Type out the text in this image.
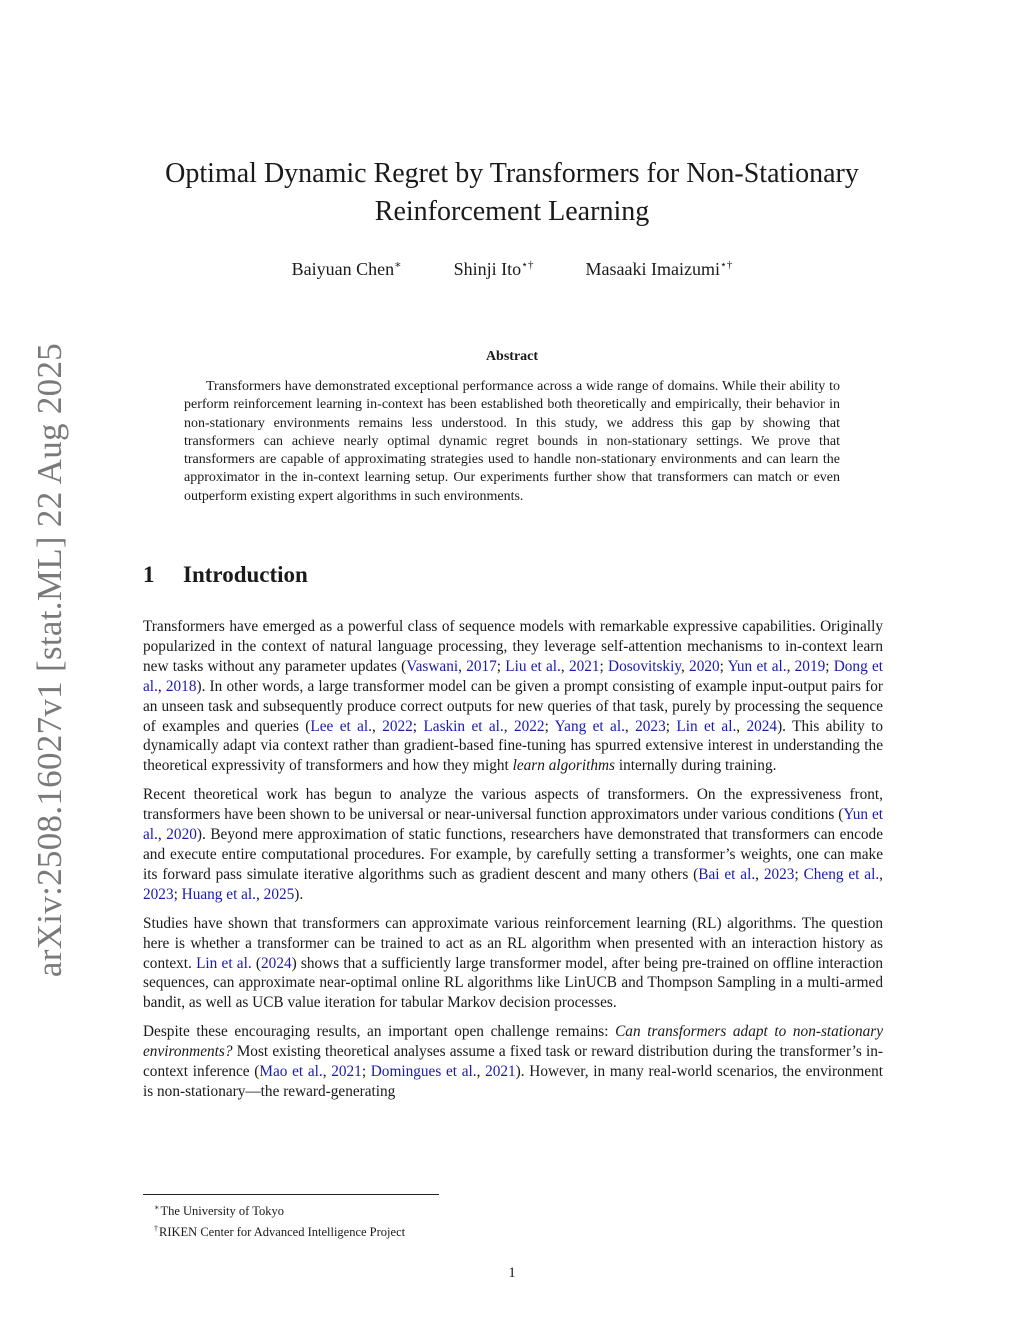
arXiv:2508.16027v1 [stat.ML] 22 Aug 2025
Optimal Dynamic Regret by Transformers for Non-Stationary Reinforcement Learning
Baiyuan Chen∗	Shinji Ito⋆†	Masaaki Imaizumi⋆†
Abstract

Transformers have demonstrated exceptional performance across a wide range of domains. While their ability to perform reinforcement learning in-context has been established both theoretically and empirically, their behavior in non-stationary environments remains less understood. In this study, we address this gap by showing that transformers can achieve nearly optimal dynamic regret bounds in non-stationary settings. We prove that transformers are capable of approximating strategies used to handle non-stationary environments and can learn the approximator in the in-context learning setup. Our experiments further show that transformers can match or even outperform existing expert algorithms in such environments.

1 Introduction

Transformers have emerged as a powerful class of sequence models with remarkable expressive capabilities. Originally popularized in the context of natural language processing, they leverage self-attention mechanisms to in-context learn new tasks without any parameter updates (Vaswani, 2017; Liu et al., 2021; Dosovitskiy, 2020; Yun et al., 2019; Dong et al., 2018). In other words, a large transformer model can be given a prompt consisting of example input-output pairs for an unseen task and subsequently produce correct outputs for new queries of that task, purely by processing the sequence of examples and queries (Lee et al., 2022; Laskin et al., 2022; Yang et al., 2023; Lin et al., 2024). This ability to dynamically adapt via context rather than gradient-based fine-tuning has spurred extensive interest in understanding the theoretical expressivity of transformers and how they might learn algorithms internally during training.

Recent theoretical work has begun to analyze the various aspects of transformers. On the expressiveness front, transformers have been shown to be universal or near-universal function approximators under various conditions (Yun et al., 2020). Beyond mere approximation of static functions, researchers have demonstrated that transformers can encode and execute entire computational procedures. For example, by carefully setting a transformer’s weights, one can make its forward pass simulate iterative algorithms such as gradient descent and many others (Bai et al., 2023; Cheng et al., 2023; Huang et al., 2025).

Studies have shown that transformers can approximate various reinforcement learning (RL) algorithms. The question here is whether a transformer can be trained to act as an RL algorithm when presented with an interaction history as context. Lin et al. (2024) shows that a sufficiently large transformer model, after being pre-trained on offline interaction sequences, can approximate near-optimal online RL algorithms like LinUCB and Thompson Sampling in a multi-armed bandit, as well as UCB value iteration for tabular Markov decision processes.

Despite these encouraging results, an important open challenge remains: Can transformers adapt to non-stationary environments? Most existing theoretical analyses assume a fixed task or reward distribution during the transformer’s in-context inference (Mao et al., 2021; Domingues et al., 2021). However, in many real-world scenarios, the environment is non-stationary—the reward-generating

∗The University of Tokyo
†RIKEN Center for Advanced Intelligence Project
1
